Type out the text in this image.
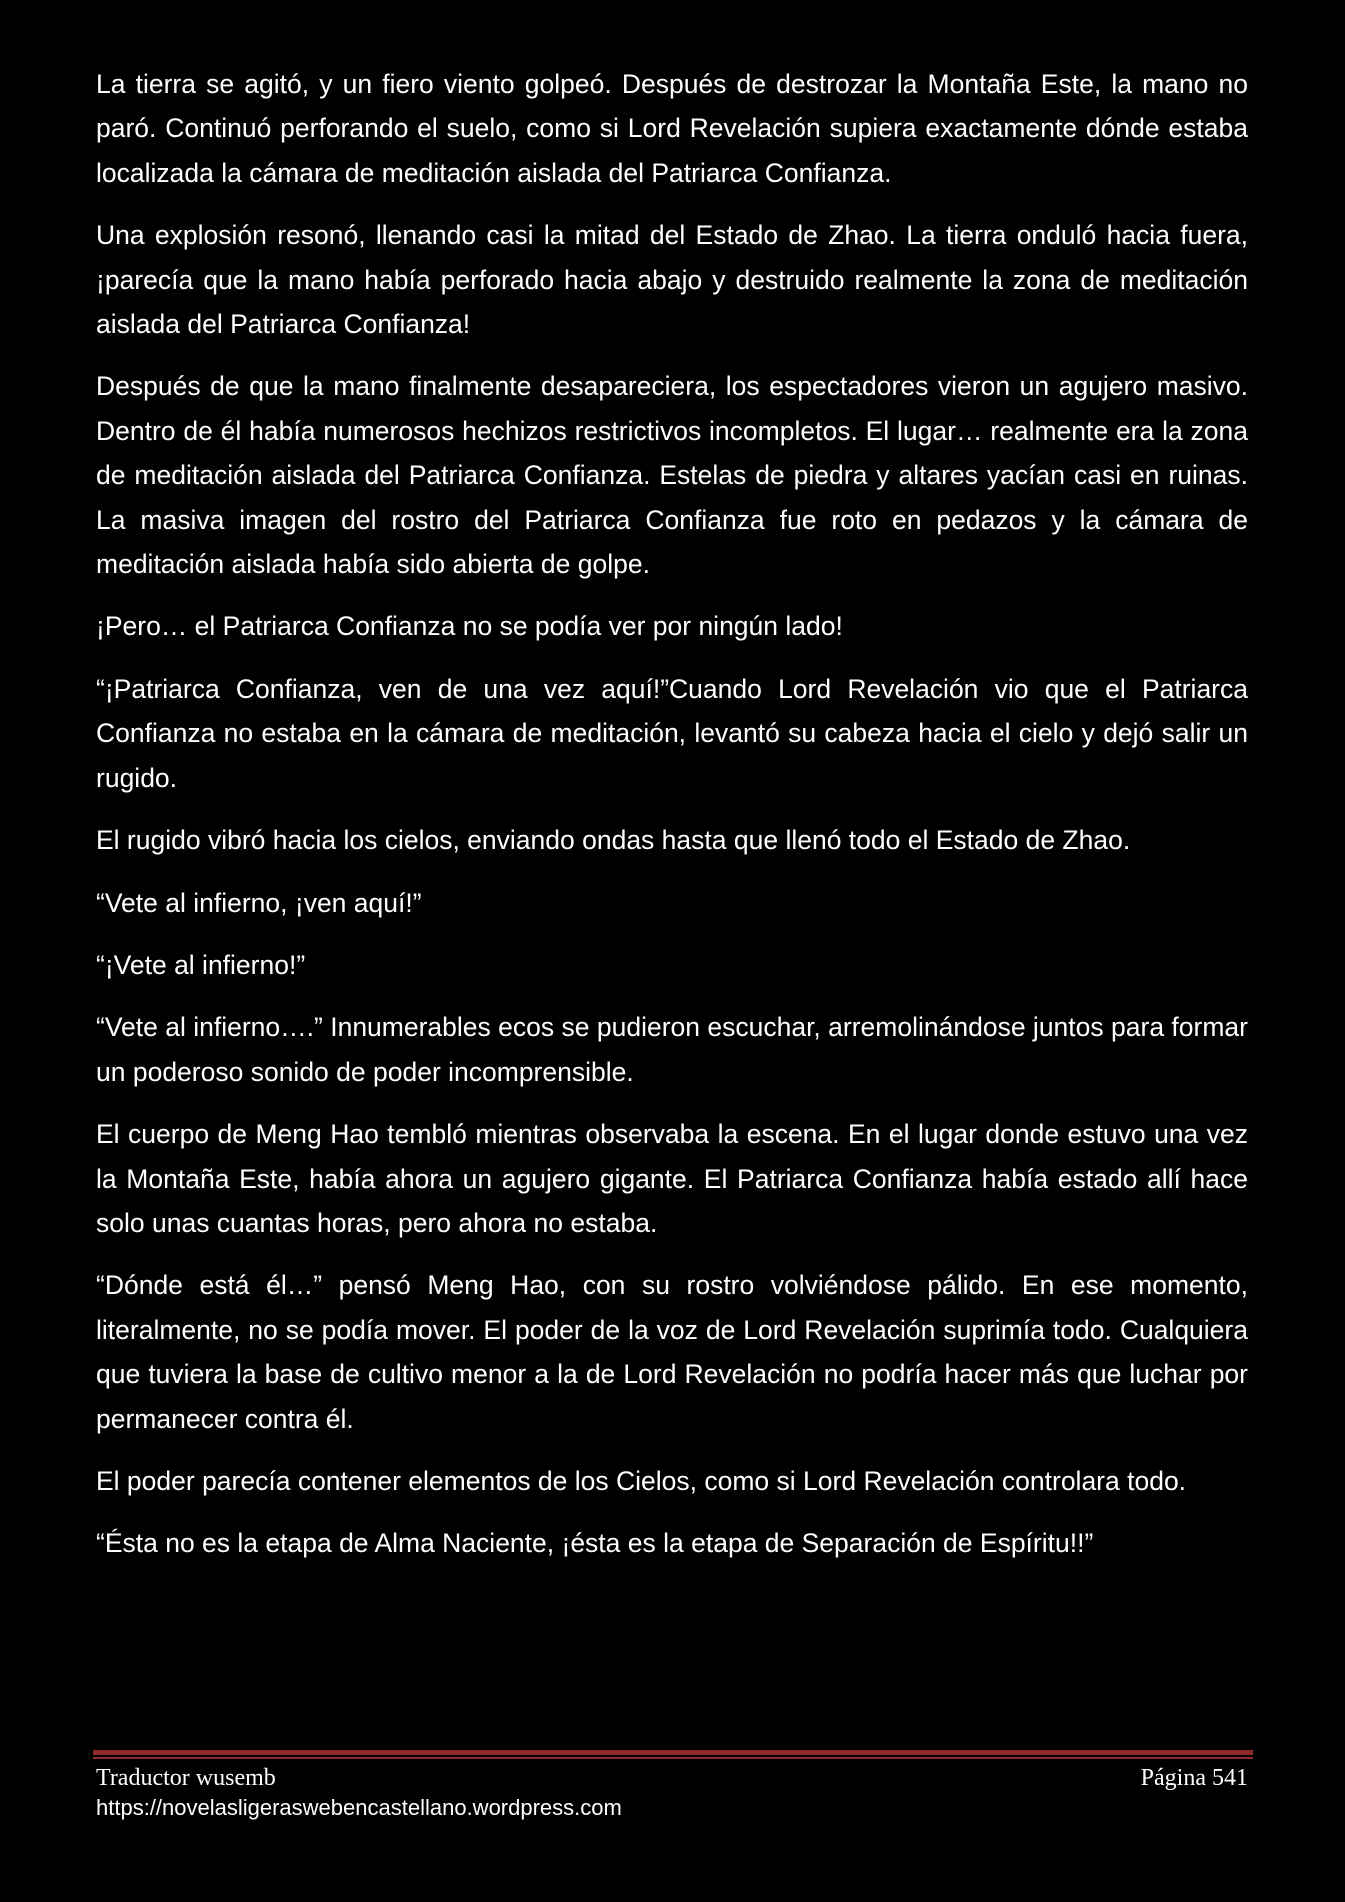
La tierra se agitó, y un fiero viento golpeó. Después de destrozar la Montaña Este, la mano no paró. Continuó perforando el suelo, como si Lord Revelación supiera exactamente dónde estaba localizada la cámara de meditación aislada del Patriarca Confianza.

Una explosión resonó, llenando casi la mitad del Estado de Zhao. La tierra onduló hacia fuera, ¡parecía que la mano había perforado hacia abajo y destruido realmente la zona de meditación aislada del Patriarca Confianza!

Después de que la mano finalmente desapareciera, los espectadores vieron un agujero masivo. Dentro de él había numerosos hechizos restrictivos incompletos. El lugar… realmente era la zona de meditación aislada del Patriarca Confianza. Estelas de piedra y altares yacían casi en ruinas. La masiva imagen del rostro del Patriarca Confianza fue roto en pedazos y la cámara de meditación aislada había sido abierta de golpe.

¡Pero… el Patriarca Confianza no se podía ver por ningún lado!

“¡Patriarca Confianza, ven de una vez aquí!”Cuando Lord Revelación vio que el Patriarca Confianza no estaba en la cámara de meditación, levantó su cabeza hacia el cielo y dejó salir un rugido.

El rugido vibró hacia los cielos, enviando ondas hasta que llenó todo el Estado de Zhao.

“Vete al infierno, ¡ven aquí!”

“¡Vete al infierno!”

“Vete al infierno….” Innumerables ecos se pudieron escuchar, arremolinándose juntos para formar un poderoso sonido de poder incomprensible.

El cuerpo de Meng Hao tembló mientras observaba la escena. En el lugar donde estuvo una vez la Montaña Este, había ahora un agujero gigante. El Patriarca Confianza había estado allí hace solo unas cuantas horas, pero ahora no estaba.

“Dónde está él…” pensó Meng Hao, con su rostro volviéndose pálido. En ese momento, literalmente, no se podía mover. El poder de la voz de Lord Revelación suprimía todo. Cualquiera que tuviera la base de cultivo menor a la de Lord Revelación no podría hacer más que luchar por permanecer contra él.

El poder parecía contener elementos de los Cielos, como si Lord Revelación controlara todo.

“Ésta no es la etapa de Alma Naciente, ¡ésta es la etapa de Separación de Espíritu!!”

Traductor wusemb	Página 541
https://novelasligeraswebencastellano.wordpress.com
